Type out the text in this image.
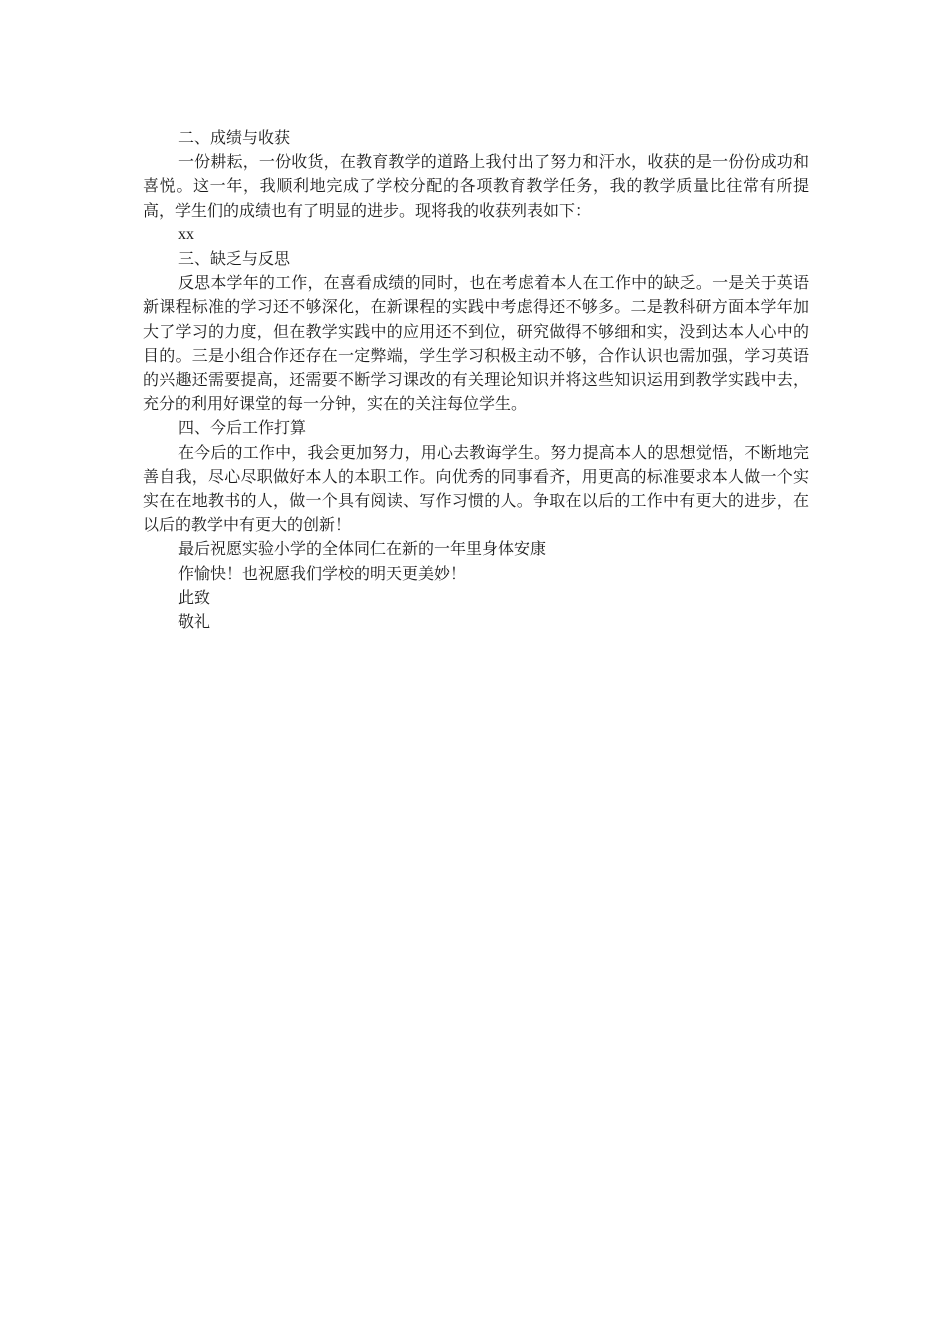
二、成绩与收获
一份耕耘，一份收货，在教育教学的道路上我付出了努力和汗水，收获的是一份份成功和喜悦。这一年，我顺利地完成了学校分配的各项教育教学任务，我的教学质量比往常有所提高，学生们的成绩也有了明显的进步。现将我的收获列表如下：
xx
三、缺乏与反思
反思本学年的工作，在喜看成绩的同时，也在考虑着本人在工作中的缺乏。一是关于英语新课程标准的学习还不够深化，在新课程的实践中考虑得还不够多。二是教科研方面本学年加大了学习的力度，但在教学实践中的应用还不到位，研究做得不够细和实，没到达本人心中的目的。三是小组合作还存在一定弊端，学生学习积极主动不够，合作认识也需加强，学习英语的兴趣还需要提高，还需要不断学习课改的有关理论知识并将这些知识运用到教学实践中去，充分的利用好课堂的每一分钟，实在的关注每位学生。
四、今后工作打算
在今后的工作中，我会更加努力，用心去教诲学生。努力提高本人的思想觉悟，不断地完善自我，尽心尽职做好本人的本职工作。向优秀的同事看齐，用更高的标准要求本人做一个实实在在地教书的人，做一个具有阅读、写作习惯的人。争取在以后的工作中有更大的进步，在以后的教学中有更大的创新！
最后祝愿实验小学的全体同仁在新的一年里身体安康
作愉快！也祝愿我们学校的明天更美妙！
此致
敬礼
